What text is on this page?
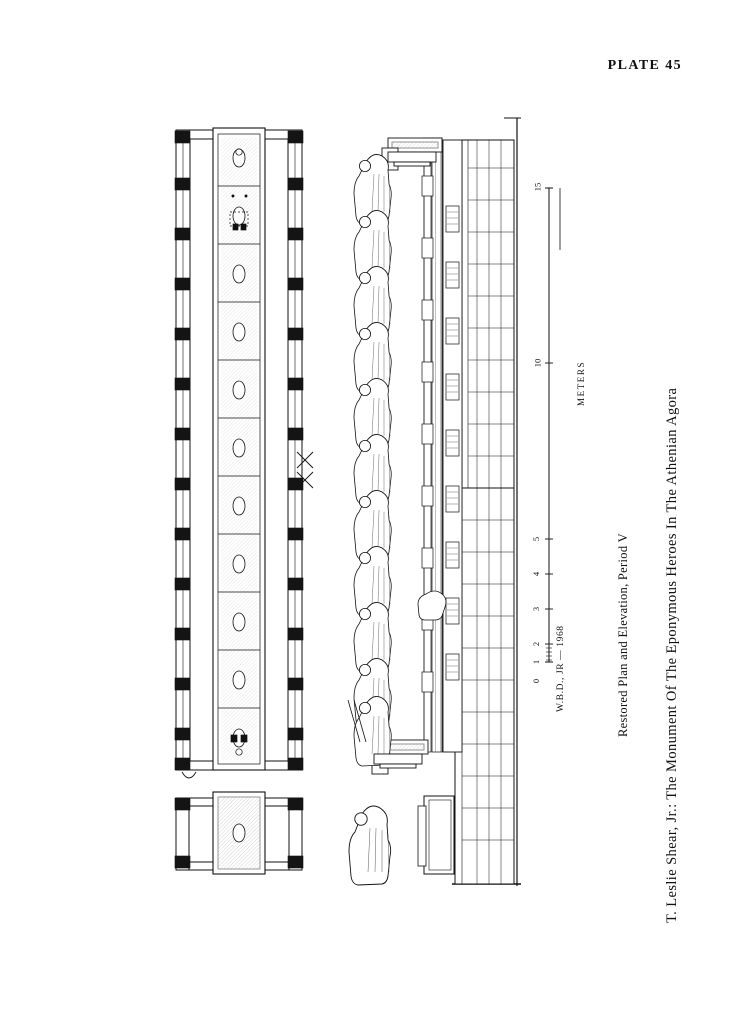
PLATE 45
15
10
5
4
3
2
1
0
METERS
W.B.D., JR — 1968	Restored Plan and Elevation, Period V T. Leslie Shear, Jr.: The Monument Of The Eponymous Heroes In The Athenian Agora
